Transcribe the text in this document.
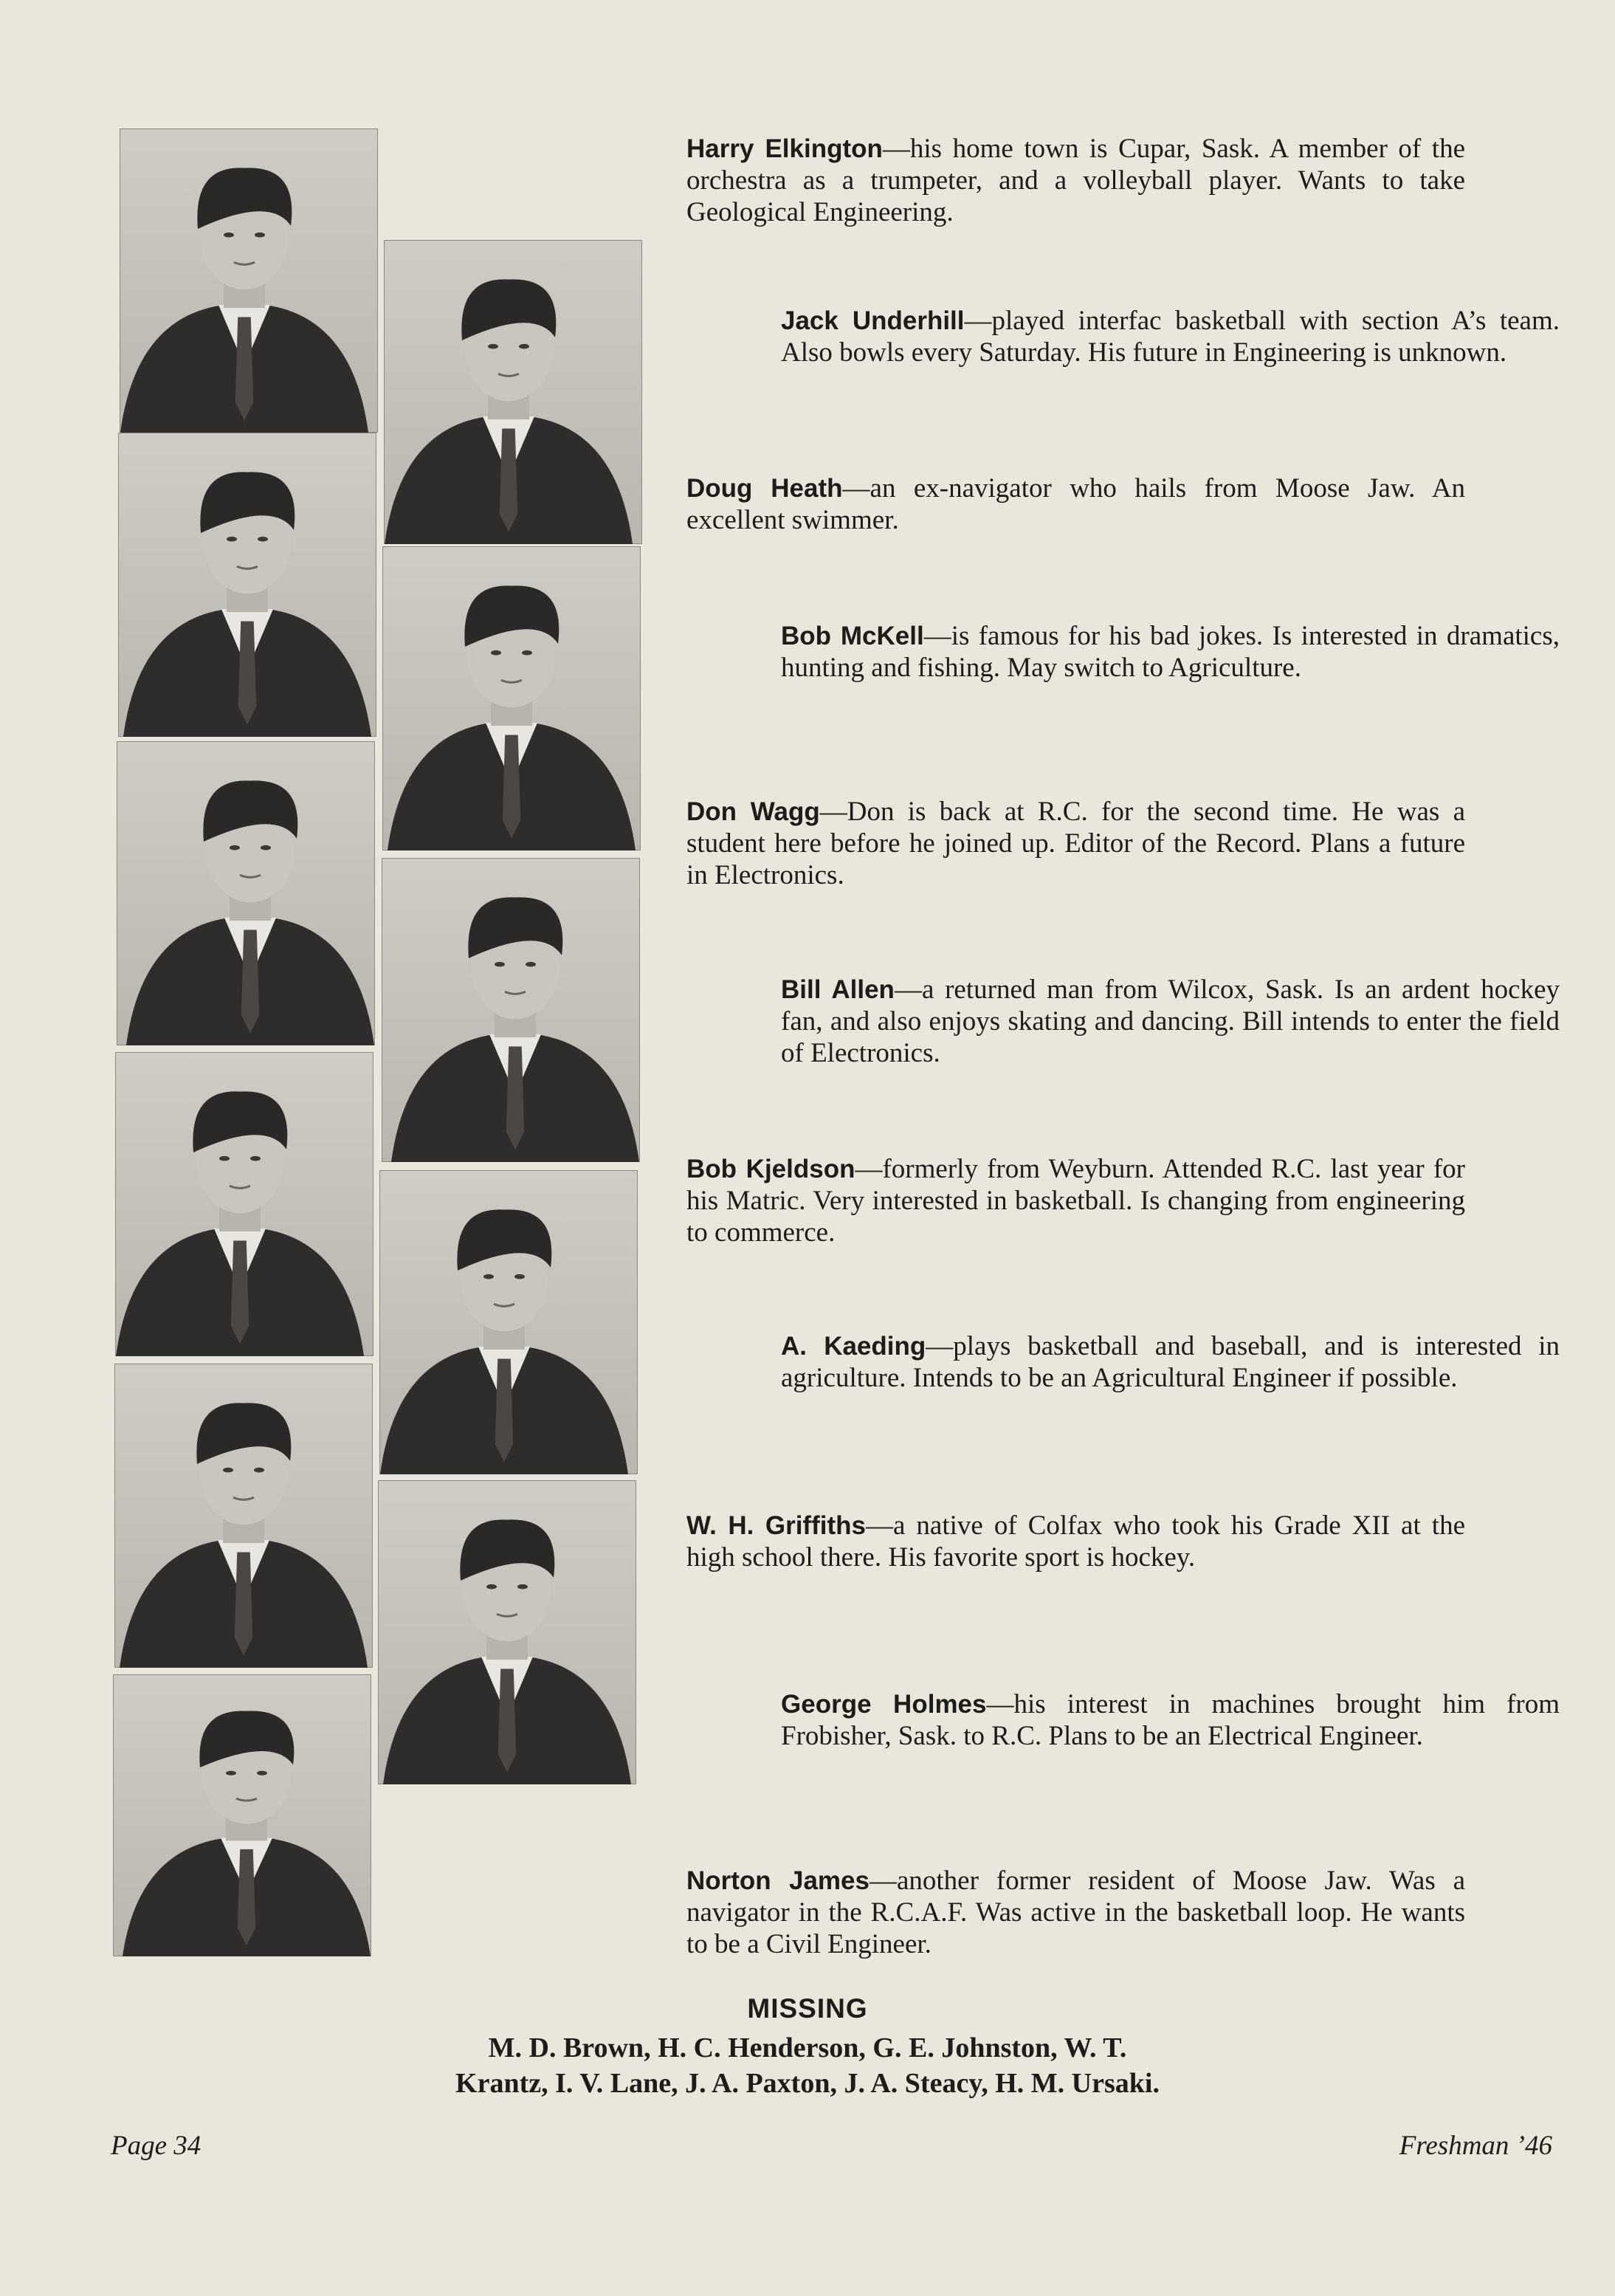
Harry Elkington—his home town is Cupar, Sask. A member of the orchestra as a trumpeter, and a volleyball player. Wants to take Geological Engineering.
Jack Underhill—played interfac basketball with section A’s team. Also bowls every Saturday. His future in Engineering is unknown.
Doug Heath—an ex-navigator who hails from Moose Jaw. An excellent swimmer.
Bob McKell—is famous for his bad jokes. Is interested in dramatics, hunting and fishing. May switch to Agriculture.
Don Wagg—Don is back at R.C. for the second time. He was a student here before he joined up. Editor of the Record. Plans a future in Electronics.
Bill Allen—a returned man from Wilcox, Sask. Is an ardent hockey fan, and also enjoys skating and dancing. Bill intends to enter the field of Electronics.
Bob Kjeldson—formerly from Weyburn. Attended R.C. last year for his Matric. Very interested in basketball. Is changing from engineering to commerce.
A. Kaeding—plays basketball and baseball, and is interested in agriculture. Intends to be an Agricultural Engineer if possible.
W. H. Griffiths—a native of Colfax who took his Grade XII at the high school there. His favorite sport is hockey.
George Holmes—his interest in machines brought him from Frobisher, Sask. to R.C. Plans to be an Electrical Engineer.
Norton James—another former resident of Moose Jaw. Was a navigator in the R.C.A.F. Was active in the basketball loop. He wants to be a Civil Engineer.
MISSING
M. D. Brown, H. C. Henderson, G. E. Johnston, W. T.
Krantz, I. V. Lane, J. A. Paxton, J. A. Steacy, H. M. Ursaki.
Page 34	Freshman ’46
